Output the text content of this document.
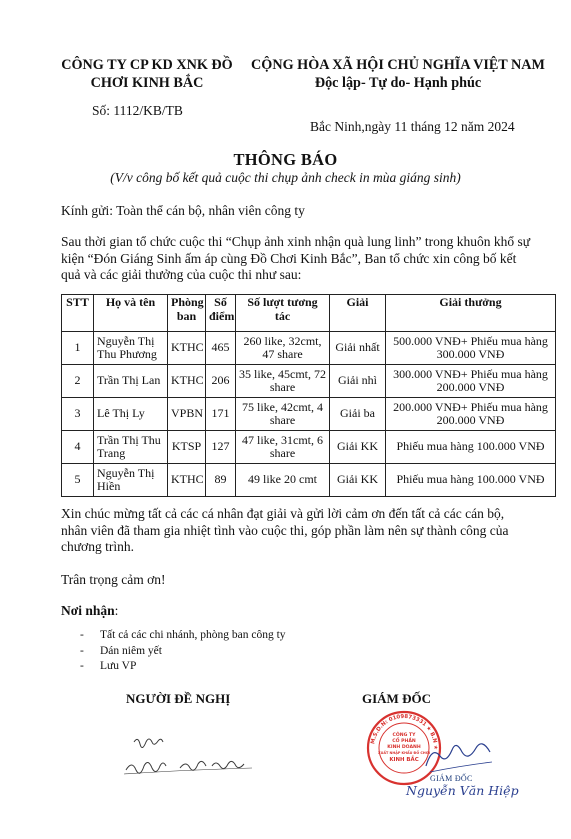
CÔNG TY CP KD XNK ĐỒ
CHƠI KINH BẮC
CỘNG HÒA XÃ HỘI CHỦ NGHĨA VIỆT NAM
Độc lập- Tự do- Hạnh phúc
Số: 1112/KB/TB
Bắc Ninh,ngày 11 tháng 12 năm 2024
THÔNG BÁO
(V/v công bố kết quả cuộc thi chụp ảnh check in mùa giáng sinh)
Kính gửi: Toàn thể cán bộ, nhân viên công ty
Sau thời gian tổ chức cuộc thi “Chụp ảnh xinh nhận quà lung linh” trong khuôn khổ sự kiện “Đón Giáng Sinh ấm áp cùng Đồ Chơi Kinh Bắc”, Ban tổ chức xin công bố kết quả và các giải thưởng của cuộc thi như sau:
STT	Họ và tên	Phòng ban	Số điểm	Số lượt tương tác	Giải	Giải thưởng
1	Nguyễn Thị Thu Phương	KTHC	465	260 like, 32cmt, 47 share	Giải nhất	500.000 VNĐ+ Phiếu mua hàng 300.000 VNĐ
2	Trần Thị Lan	KTHC	206	35 like, 45cmt, 72 share	Giải nhì	300.000 VNĐ+ Phiếu mua hàng 200.000 VNĐ
3	Lê Thị Ly	VPBN	171	75 like, 42cmt, 4 share	Giải ba	200.000 VNĐ+ Phiếu mua hàng 200.000 VNĐ
4	Trần Thị Thu Trang	KTSP	127	47 like, 31cmt, 6 share	Giải KK	Phiếu mua hàng 100.000 VNĐ
5	Nguyễn Thị Hiền	KTHC	89	49 like 20 cmt	Giải KK	Phiếu mua hàng 100.000 VNĐ
Xin chúc mừng tất cả các cá nhân đạt giải và gửi lời cảm ơn đến tất cả các cán bộ, nhân viên đã tham gia nhiệt tình vào cuộc thi, góp phần làm nên sự thành công của chương trình.
Trân trọng cảm ơn!
Nơi nhận:
- Tất cả các chi nhánh, phòng ban công ty
- Dán niêm yết
- Lưu VP
NGƯỜI ĐỀ NGHỊ	GIÁM ĐỐC
M.S.D.N: 0109873331 ★ B.N ★
CÔNG TY
CỔ PHẦN
KINH DOANH
XUẤT NHẬP KHẨU ĐỒ CHƠI
KINH BẮC
GIÁM ĐỐC
Nguyễn Văn Hiệp
